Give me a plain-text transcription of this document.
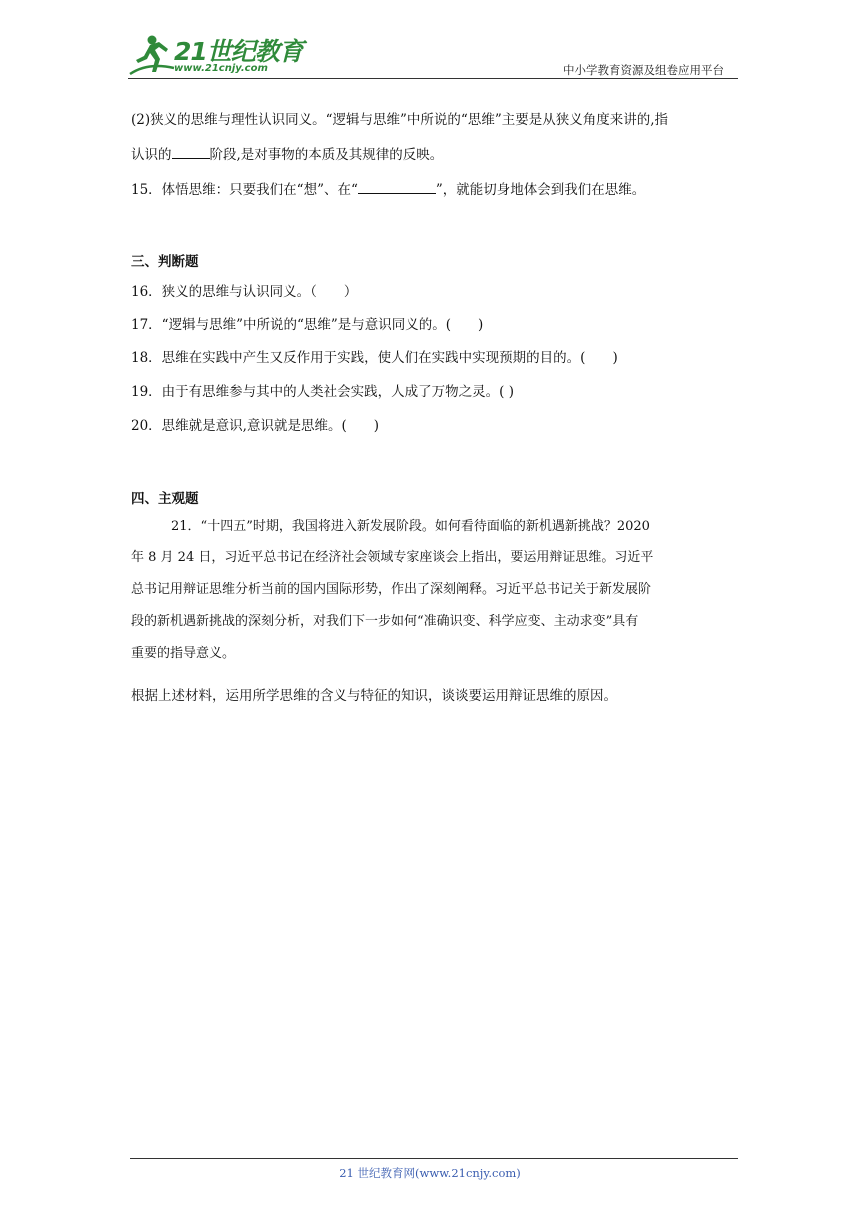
21世纪教育
www.21cnjy.com	中小学教育资源及组卷应用平台
(2)狭义的思维与理性认识同义。“逻辑与思维”中所说的“思维”主要是从狭义角度来讲的,指
认识的	阶段,是对事物的本质及其规律的反映。
15．体悟思维：只要我们在“想”、在“	”，就能切身地体会到我们在思维。
三、判断题
16．狭义的思维与认识同义。（　　）
17．“逻辑与思维”中所说的“思维”是与意识同义的。(　　)
18．思维在实践中产生又反作用于实践，使人们在实践中实现预期的目的。(　　)
19．由于有思维参与其中的人类社会实践，人成了万物之灵。( )
20．思维就是意识,意识就是思维。(　　)
四、主观题
21．“十四五”时期，我国将进入新发展阶段。如何看待面临的新机遇新挑战？2020
年 8 月 24 日，习近平总书记在经济社会领域专家座谈会上指出，要运用辩证思维。习近平
总书记用辩证思维分析当前的国内国际形势，作出了深刻阐释。习近平总书记关于新发展阶
段的新机遇新挑战的深刻分析，对我们下一步如何“准确识变、科学应变、主动求变”具有
重要的指导意义。
根据上述材料，运用所学思维的含义与特征的知识，谈谈要运用辩证思维的原因。
21 世纪教育网(www.21cnjy.com)
